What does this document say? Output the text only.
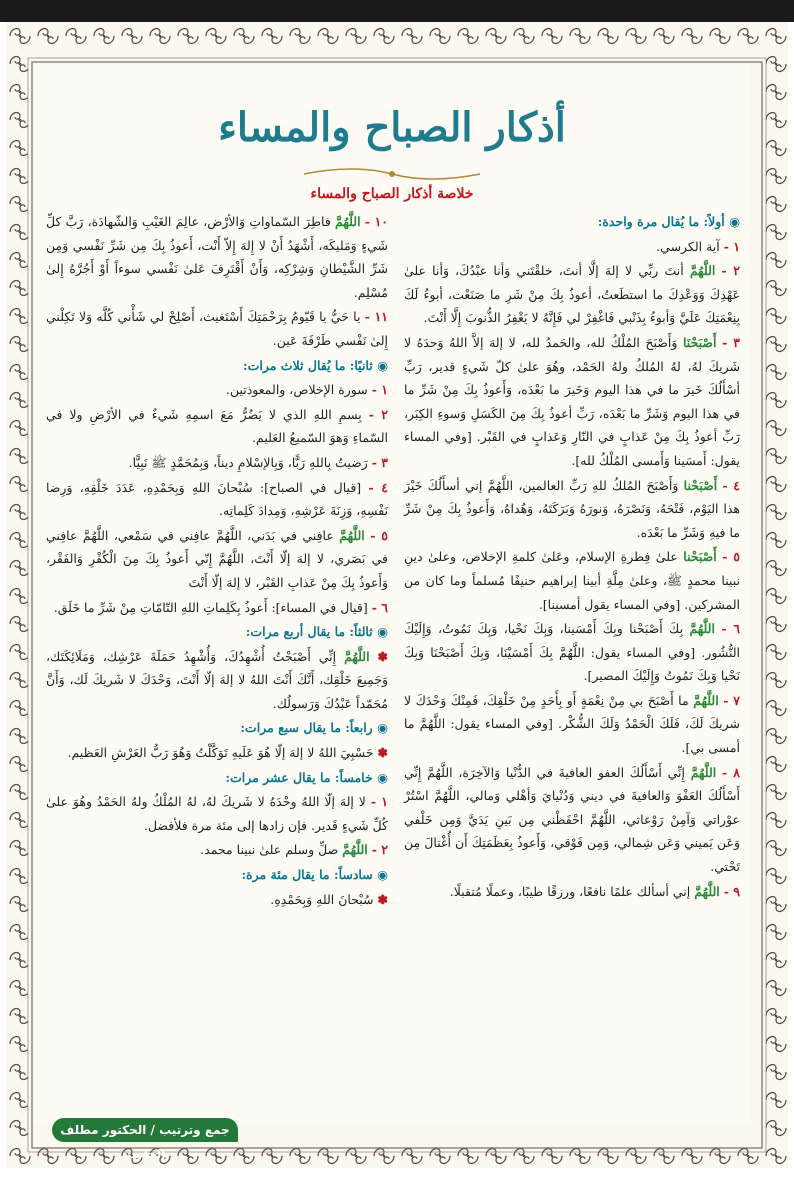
أذكار الصباح والمساء
خلاصة أذكار الصباح والمساء

◉ أولاً: ما يُقال مرة واحدة:

١ - آية الكرسي.

٢ - اللَّهُمَّ أنتَ ربِّي لا إلهَ إلَّا أنتَ، خلقْتَني وَأنا عبْدُكَ، وَأنا علىٰ عَهْدِكَ وَوَعْدِكَ ما استطَعتُ، أعوذُ بِكَ مِنْ شَرِ ما صَنَعْت، أبوءُ لَكَ بِنِعْمَتِكَ عَلَيَّ وَأبوءُ بِذَنْبي فَاغْفِرْ لي فَإِنَّهُ لا يَغْفِرُ الذُّنوبَ إِلَّا أَنْتَ.

٣ - أَصْبَحْنَا وَأَصْبَحَ المُلْكُ لله، والحَمدُ لله، لا إلهَ إلاَّ اللهُ وَحدَهُ لا شَريكَ لهُ، لهُ المُلكُ ولهُ الحَمْد، وهُوَ علىٰ كلّ شَيءٍ قدير، رَبِّ أسْأَلُكَ خَيرَ ما في هذا اليوم وَخَيرَ ما بَعْدَه، وَأَعوذُ بِكَ مِنْ شَرِّ ما في هذا اليوم وَشَرِّ ما بَعْدَه، رَبِّ أعوذُ بِكَ مِنَ الكَسَلِ وَسوءِ الكِبَر، رَبِّ أعوذُ بِكَ مِنْ عَذابٍ في النّارِ وَعَذابٍ في القَبْر. [وفي المساء يقول: أَمسَينا وَأَمسى المُلْكُ لله].

٤ - أَصْبَحْنا وَأَصْبَحَ المُلكُ للهِ رَبِّ العالمين، اللَّهُمَّ إني أسأَلُكَ خَيْرَ هذا اليَوْم، فَتْحَهُ، وَنَصْرَهُ، وَنورَهُ وَبَرَكَتَهُ، وَهُداهُ، وَأَعوذُ بِكَ مِنْ شَرِّ ما فيهِ وَشَرِّ ما بَعْدَه.

٥ - أَصْبَحْنا علىٰ فِطرةِ الإسلام، وعَلىٰ كلمةِ الإخلاص، وعلىٰ دينِ نبينا محمدٍ ﷺ، وعلىٰ مِلَّةِ أبينا إبراهيم حنيفًا مُسلماً وما كان من المشركين. [وفي المساء يقول أمسينا].

٦ - اللَّهُمَّ بِكَ أَصْبَحْنا وبِكَ أَمْسَينا، وَبِكَ نَحْيا، وَبِكَ نَمُوتُ، وَإِلَيْكَ النُّشُور. [وفي المساء يقول: اللَّهُمَّ بِكَ أَمْسَيْنَا، وَبِكَ أَصْبَحْنَا وَبِكَ نَحْيا وَبِكَ نَمُوتُ وَإِلَيْكَ المصير].

٧ - اللَّهُمَّ ما أَصْبَحَ بي مِنْ نِعْمَةٍ أَو بِأَحَدٍ مِنْ خَلْقِكَ، فَمِنْكَ وَحْدَكَ لا شريكَ لَكَ، فَلَكَ الْحَمْدُ وَلَكَ الشُّكْر. [وفي المساء يقول: اللَّهُمَّ ما أمسى بي].

٨ - اللَّهُمَّ إِنِّي أَسْأَلُكَ العفو العافيةَ في الدُّنْيا وَالآخِرَة، اللَّهُمَّ إِنِّي أَسْأَلُكَ العَفْوَ وَالعافيةَ في ديني وَدُنْيايَ وَأهْلي وَمالي، اللَّهُمَّ اسْتُرْ عوْراتي وَآمِنْ رَوْعاتي، اللَّهُمَّ احْفَظْني مِن بَينِ يَدَيَّ وَمِن خَلْفي وَعَن يَميني وَعَن شِمالي، وَمِن فَوْقي، وَأَعوذُ بِعَظَمَتِكَ أَن أُغْتالَ مِن تَحْتي.

٩ - اللَّهُمَّ إني أسألك علمًا نافعًا، ورزقًا طيبًا، وعملًا مُتقبلًا.

١٠ - اللَّهُمَّ فاطِرَ السّماواتِ وَالأرْض، عالِمَ الغَيْبِ وَالشّهادَة، رَبَّ كلِّ شَيءٍ وَمَليكَه، أَشْهَدُ أَنْ لا إِلهَ إِلاّ أَنْت، أَعوذُ بِكَ مِن شَرِّ نَفْسي وَمِن شَرِّ الشَّيْطانِ وَشِرْكِه، وَأَنْ أَقْتَرِفَ عَلىٰ نَفْسي سوءاً أَوْ أَجُرَّهُ إِلىٰ مُسْلِم.

١١ - يا حَيُّ يا قَيّومُ بِرَحْمَتِكَ أَسْتَغيث، أَصْلِحْ لي شَأْني كُلَّه وَلا تَكِلْني إِلىٰ نَفْسي طَرْفَةَ عَين.

◉ ثانيًا: ما يُقال ثلاث مرات:

١ - سورة الإخلاص، والمعوذتين.

٢ - بِسمِ اللهِ الذي لا يَضُرُّ مَعَ اسمِهِ شَيءٌ في الأرْضِ ولا في السّماءِ وَهوَ السّميعُ العَليم.

٣ - رَضيتُ بِاللهِ رَبًّا، وَبِالإسْلامِ ديناً، وَبِمُحَمَّدٍ ﷺ نَبِيًّا.

٤ - [قيال في الصباح]: سُبْحانَ اللهِ وَبِحَمْدِهِ، عَدَدَ خَلْقِهِ، وَرِضا نَفْسِهِ، وَزِنَةَ عَرْشِهِ، وَمِدادَ كَلِماتِه.

٥ - اللَّهُمَّ عافِني في بَدَني، اللَّهُمَّ عافِني في سَمْعي، اللَّهُمَّ عافِني في بَصَري، لا إلهَ إلّا أَنْتَ، اللَّهُمَّ إِنّي أَعوذُ بِكَ مِنَ الْكُفْرِ وَالفَقْر، وَأَعوذُ بِكَ مِنْ عَذابِ القَبْر، لا إلهَ إلّا أَنْتَ

٦ - [قيال في المساء]: أَعوذُ بِكَلِماتِ اللهِ التّامّاتِ مِنْ شَرِّ ما خَلَق.

◉ ثالثاً: ما يقال أربع مرات:

✽ اللَّهُمَّ إِنِّي أَصْبَحْتُ أُشْهِدُكَ، وَأُشْهِدُ حَمَلَةَ عَرْشِك، وَمَلَائِكَتَك، وَجَمِيعَ خَلْقِك، أَنَّكَ أَنْتَ اللهُ لا إلهَ إلّا أَنْتَ، وَحْدَكَ لا شَريكَ لَك، وَأَنَّ مُحَمّداً عَبْدُكَ وَرَسولُك.

◉ رابعاً: ما يقال سبع مرات:

✽ حَسْبِيَ اللهُ لا إلهَ إلّا هُوَ عَلَيهِ تَوَكَّلْتُ وَهُوَ رَبُّ العَرْشِ العَظيم.

◉ خامساً: ما يقال عشر مرات:

١ - لا إلهَ إلّا اللهُ وحْدَهُ لا شَريكَ لهُ، لهُ المُلْكُ ولهُ الحَمْدُ وهُوَ علىٰ كُلِّ شَيءٍ قَدير. فإن زادها إلى مئة مرة فلأفضل.

٢ - اللَّهُمَّ صلِّ وسلم علىٰ نبينا محمد.

◉ سادساً: ما يقال مئة مرة:

✽ سُبْحانَ اللهِ وَبِحَمْدِهِ.

جمع وترتيب / الحكتور مطلف الجاسر
